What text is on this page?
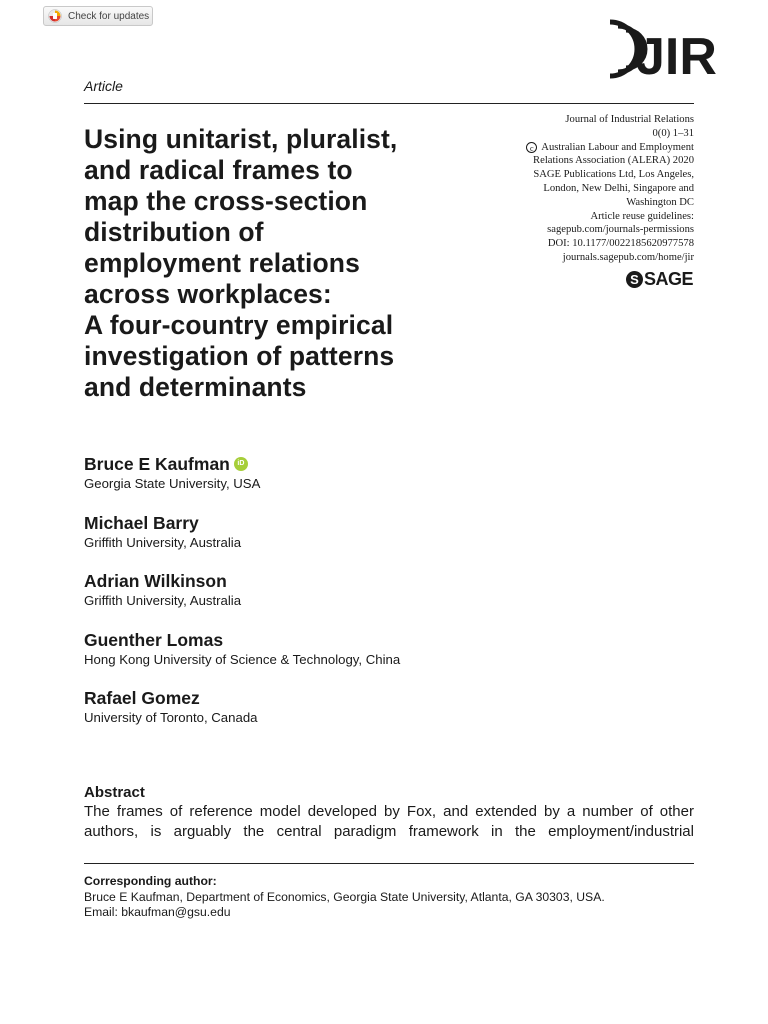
Check for updates
JIR
Article
Using unitarist, pluralist,
and radical frames to
map the cross-section
distribution of
employment relations
across workplaces:
A four-country empirical
investigation of patterns
and determinants
Journal of Industrial Relations
0(0) 1–31
c Australian Labour and Employment
Relations Association (ALERA) 2020
SAGE Publications Ltd, Los Angeles,
London, New Delhi, Singapore and
Washington DC
Article reuse guidelines:
sagepub.com/journals-permissions
DOI: 10.1177/0022185620977578
journals.sagepub.com/home/jir
S SAGE
Bruce E Kaufman	iD
Georgia State University, USA
Michael Barry
Griffith University, Australia
Adrian Wilkinson
Griffith University, Australia
Guenther Lomas
Hong Kong University of Science & Technology, China
Rafael Gomez
University of Toronto, Canada
Abstract
The frames of reference model developed by Fox, and extended by a number of other
authors, is arguably the central paradigm framework in the employment/industrial
Corresponding author:
Bruce E Kaufman, Department of Economics, Georgia State University, Atlanta, GA 30303, USA.
Email: bkaufman@gsu.edu
